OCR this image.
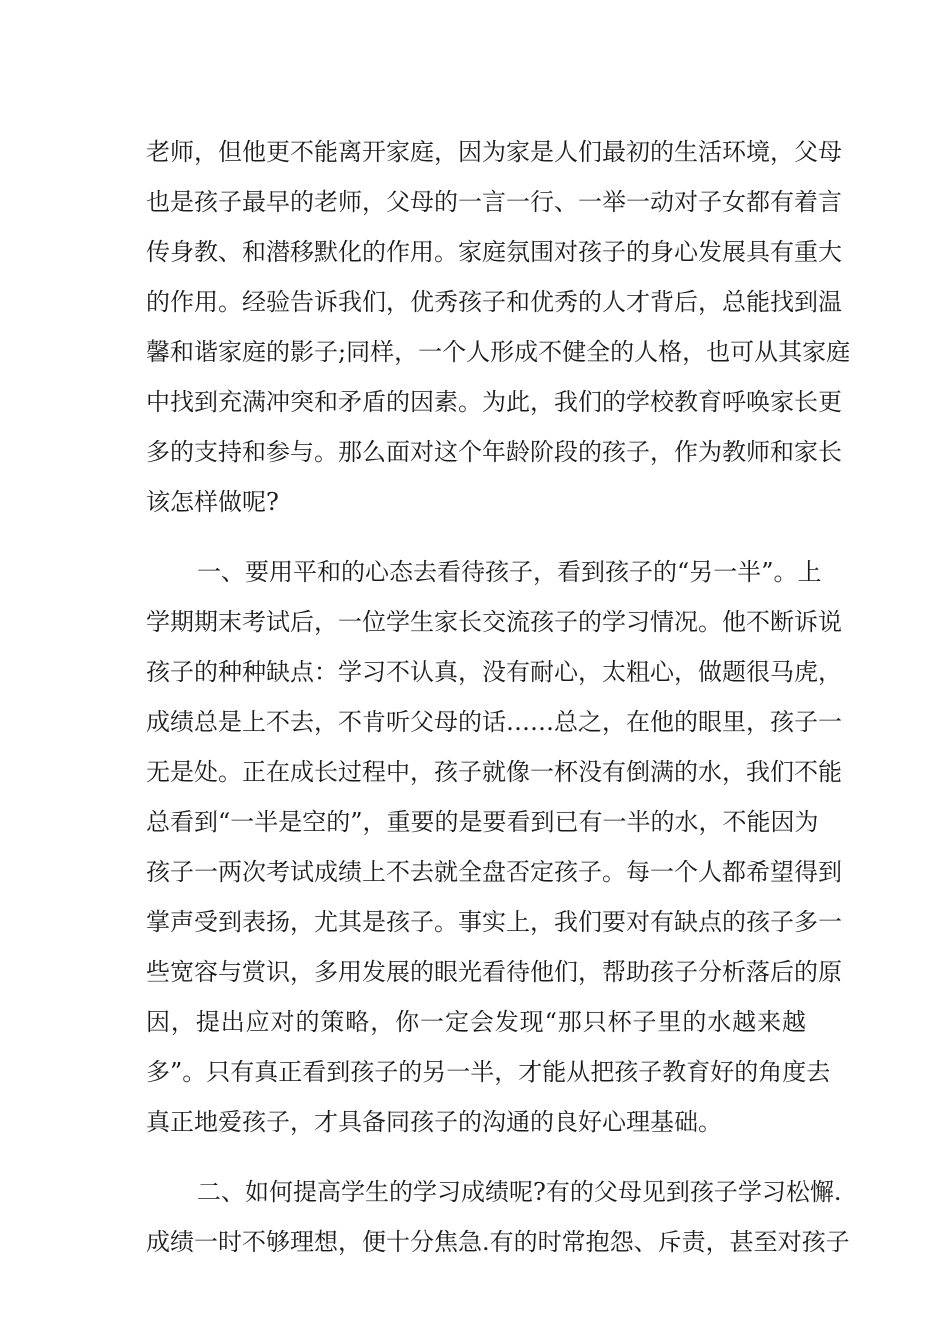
老师，但他更不能离开家庭，因为家是人们最初的生活环境，父母
也是孩子最早的老师，父母的一言一行、一举一动对子女都有着言
传身教、和潜移默化的作用。家庭氛围对孩子的身心发展具有重大
的作用。经验告诉我们，优秀孩子和优秀的人才背后，总能找到温
馨和谐家庭的影子;同样，一个人形成不健全的人格，也可从其家庭
中找到充满冲突和矛盾的因素。为此，我们的学校教育呼唤家长更
多的支持和参与。那么面对这个年龄阶段的孩子，作为教师和家长
该怎样做呢?
一、要用平和的心态去看待孩子，看到孩子的“另一半”。上
学期期末考试后，一位学生家长交流孩子的学习情况。他不断诉说
孩子的种种缺点：学习不认真，没有耐心，太粗心，做题很马虎，
成绩总是上不去，不肯听父母的话……总之，在他的眼里，孩子一
无是处。正在成长过程中，孩子就像一杯没有倒满的水，我们不能
总看到“一半是空的”，重要的是要看到已有一半的水，不能因为
孩子一两次考试成绩上不去就全盘否定孩子。每一个人都希望得到
掌声受到表扬，尤其是孩子。事实上，我们要对有缺点的孩子多一
些宽容与赏识，多用发展的眼光看待他们，帮助孩子分析落后的原
因，提出应对的策略，你一定会发现“那只杯子里的水越来越
多”。只有真正看到孩子的另一半，才能从把孩子教育好的角度去
真正地爱孩子，才具备同孩子的沟通的良好心理基础。
二、如何提高学生的学习成绩呢?有的父母见到孩子学习松懈.
成绩一时不够理想，便十分焦急.有的时常抱怨、斥责，甚至对孩子
